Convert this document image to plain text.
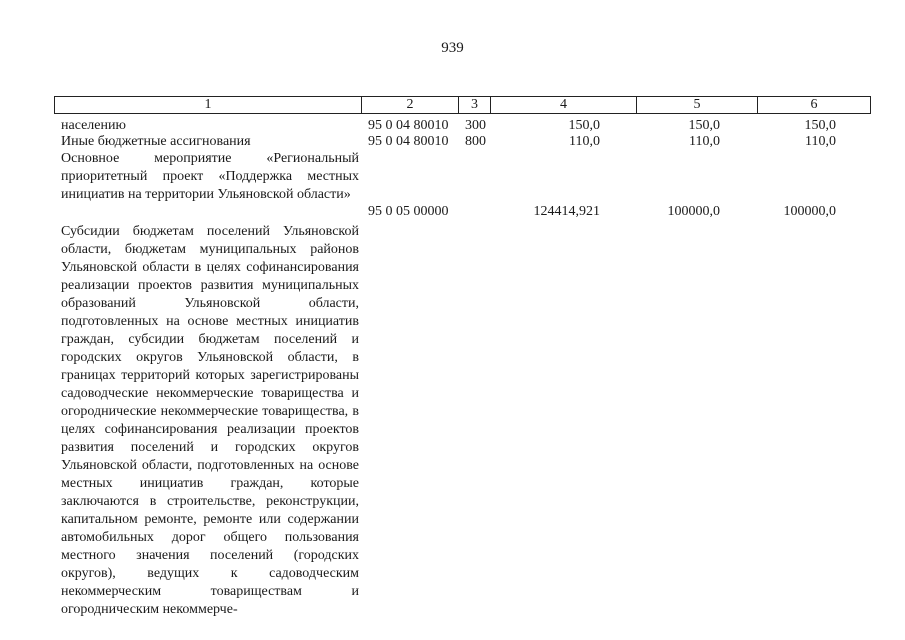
939
1	2	3	4	5	6
населению	95 0 04 80010 300	150,0	150,0	150,0
Иные бюджетные ассигнования	95 0 04 80010 800	110,0	110,0	110,0
Основное мероприятие «Региональный приоритетный проект «Поддержка местных инициатив на территории Ульяновской области»
95 0 05 00000	124414,921	100000,0	100000,0
Субсидии бюджетам поселений Ульяновской области, бюджетам муниципальных районов Ульяновской области в целях софинансирования реализации проектов развития муниципальных образований Ульяновской области, подготовленных на основе местных инициатив граждан, субсидии бюджетам поселений и городских округов Ульяновской области, в границах территорий которых зарегистрированы садоводческие некоммерческие товарищества и огороднические некоммерческие товарищества, в целях софинансирования реализации проектов развития поселений и городских округов Ульяновской области, подготовленных на основе местных инициатив граждан, которые заключаются в строительстве, реконструкции, капитальном ремонте, ремонте или содержании автомобильных дорог общего пользования местного значения поселений (городских округов), ведущих к садоводческим некоммерческим товариществам и огородническим некоммерче-
